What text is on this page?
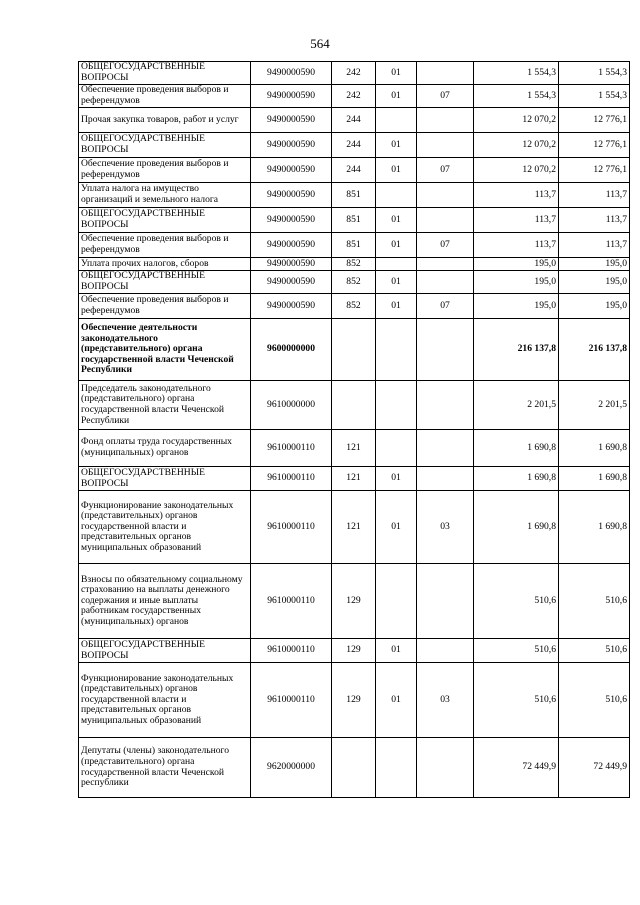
564
ОБЩЕГОСУДАРСТВЕННЫЕ ВОПРОСЫ	9490000590	242	01		1 554,3	1 554,3
Обеспечение проведения выборов и референдумов	9490000590	242	01	07	1 554,3	1 554,3
Прочая закупка товаров, работ и услуг	9490000590	244			12 070,2	12 776,1
ОБЩЕГОСУДАРСТВЕННЫЕ ВОПРОСЫ	9490000590	244	01		12 070,2	12 776,1
Обеспечение проведения выборов и референдумов	9490000590	244	01	07	12 070,2	12 776,1
Уплата налога на имущество организаций и земельного налога	9490000590	851			113,7	113,7
ОБЩЕГОСУДАРСТВЕННЫЕ ВОПРОСЫ	9490000590	851	01		113,7	113,7
Обеспечение проведения выборов и референдумов	9490000590	851	01	07	113,7	113,7
Уплата прочих налогов, сборов	9490000590	852			195,0	195,0
ОБЩЕГОСУДАРСТВЕННЫЕ ВОПРОСЫ	9490000590	852	01		195,0	195,0
Обеспечение проведения выборов и референдумов	9490000590	852	01	07	195,0	195,0
Обеспечение деятельности законодательного (представительного) органа государственной власти Чеченской Республики	9600000000				216 137,8	216 137,8
Председатель законодательного (представительного) органа государственной власти Чеченской Республики	9610000000				2 201,5	2 201,5
Фонд оплаты труда государственных (муниципальных) органов	9610000110	121			1 690,8	1 690,8
ОБЩЕГОСУДАРСТВЕННЫЕ ВОПРОСЫ	9610000110	121	01		1 690,8	1 690,8
Функционирование законодательных (представительных) органов государственной власти и представительных органов муниципальных образований	9610000110	121	01	03	1 690,8	1 690,8
Взносы по обязательному социальному страхованию на выплаты денежного содержания и иные выплаты работникам государственных (муниципальных) органов	9610000110	129			510,6	510,6
ОБЩЕГОСУДАРСТВЕННЫЕ ВОПРОСЫ	9610000110	129	01		510,6	510,6
Функционирование законодательных (представительных) органов государственной власти и представительных органов муниципальных образований	9610000110	129	01	03	510,6	510,6
Депутаты (члены) законодательного (представительного) органа государственной власти Чеченской республики	9620000000				72 449,9	72 449,9
